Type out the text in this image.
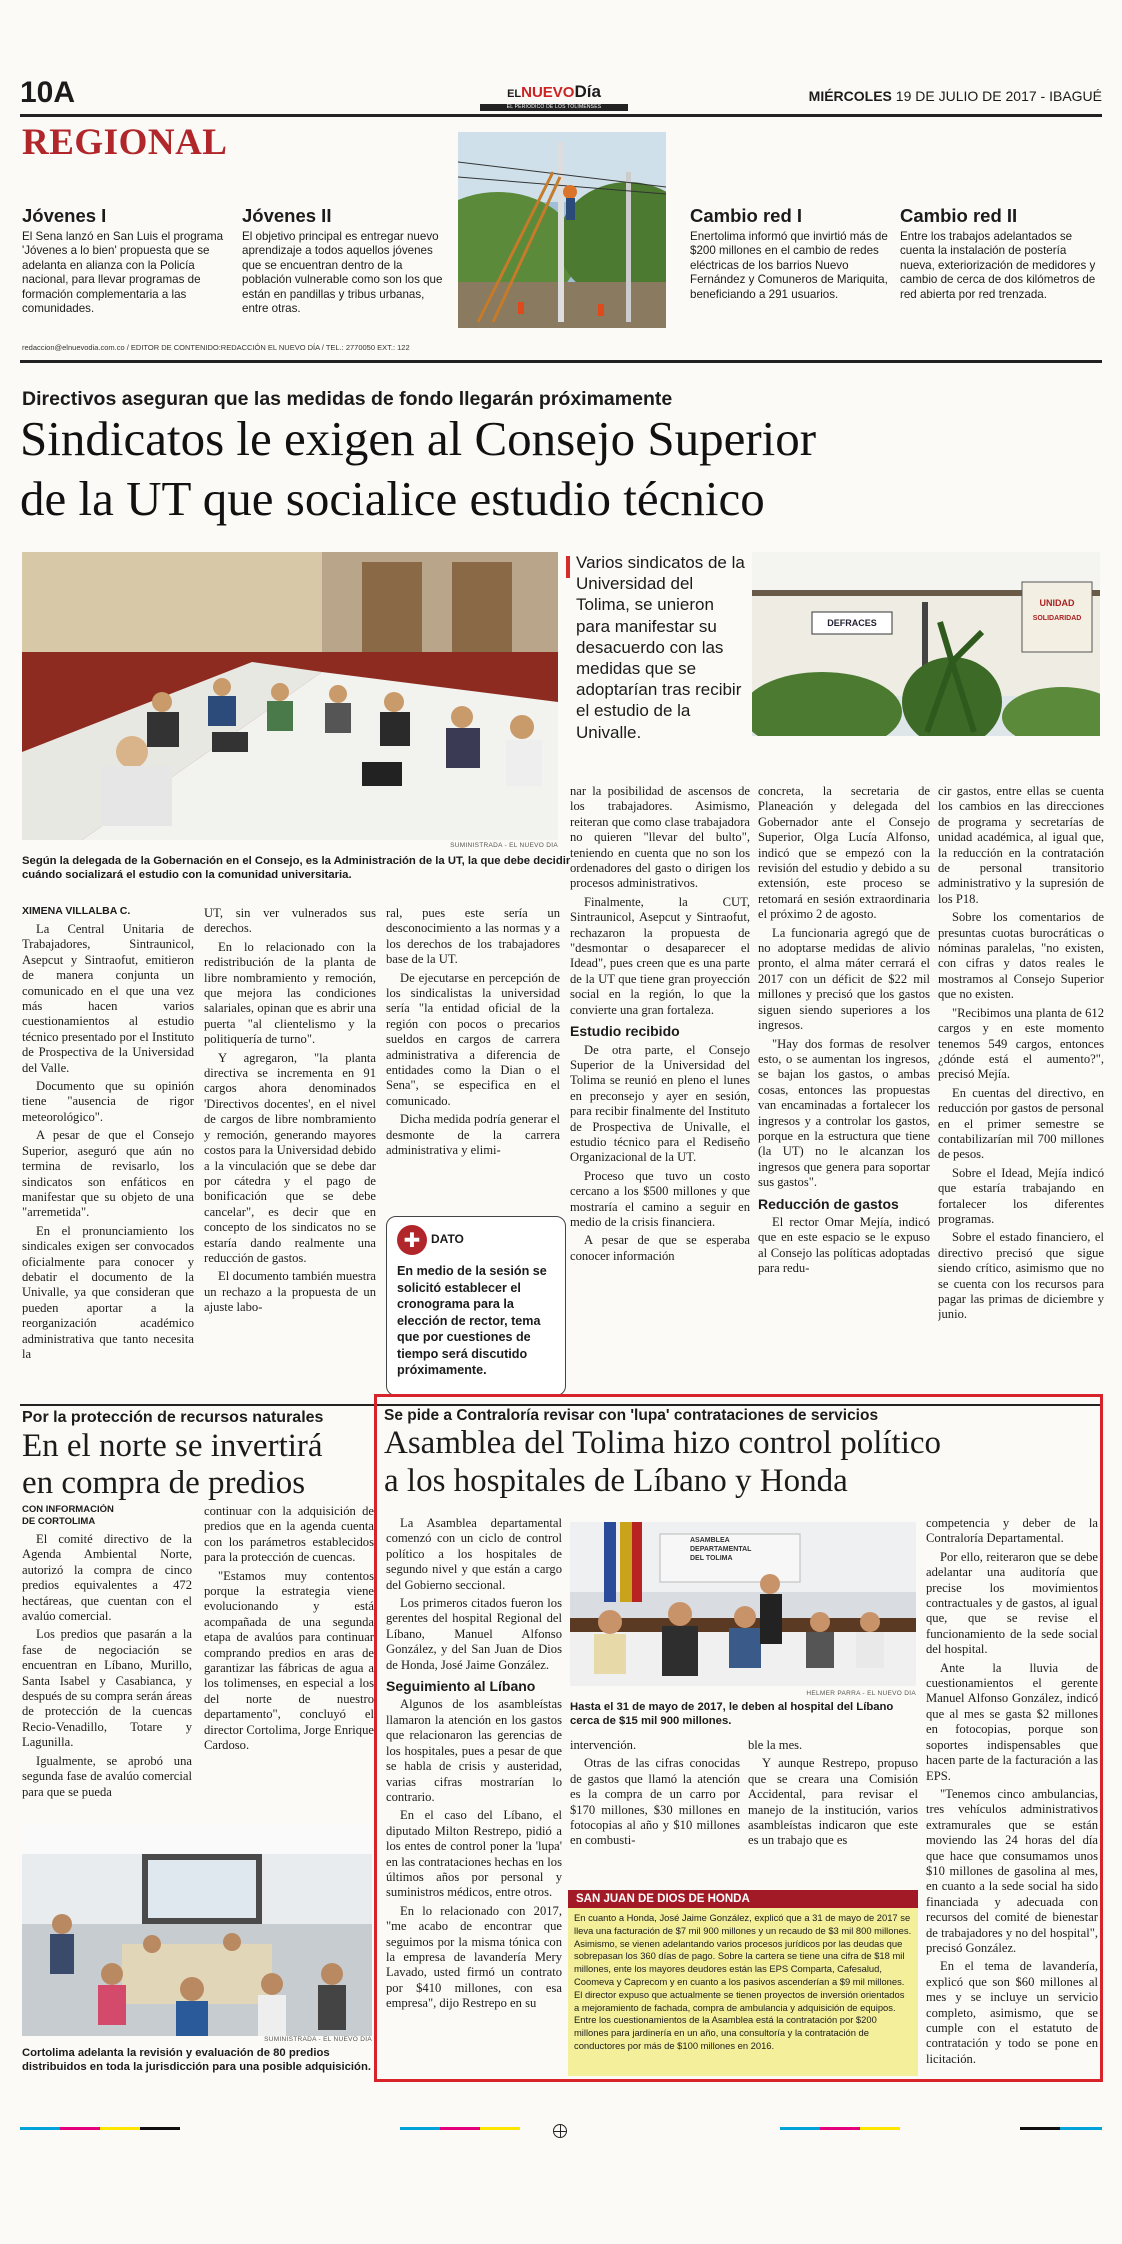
10A	ELNUEVODía
EL PERIÓDICO DE LOS TOLIMENSES
MIÉRCOLES 19 DE JULIO DE 2017 - IBAGUÉ
REGIONAL
Jóvenes I
El Sena lanzó en San Luis el programa 'Jóvenes a lo bien' propuesta que se adelanta en alianza con la Policía nacional, para llevar programas de formación complementaria a las comunidades.
Jóvenes II
El objetivo principal es entregar nuevo aprendizaje a todos aquellos jóvenes que se encuentran dentro de la población vulnerable como son los que están en pandillas y tribus urbanas, entre otras.
Cambio red I
Enertolima informó que invirtió más de $200 millones en el cambio de redes eléctricas de los barrios Nuevo Fernández y Comuneros de Mariquita, beneficiando a 291 usuarios.
Cambio red II
Entre los trabajos adelantados se cuenta la instalación de postería nueva, exteriorización de medidores y cambio de cerca de dos kilómetros de red abierta por red trenzada.
redaccion@elnuevodia.com.co / EDITOR DE CONTENIDO:REDACCIÓN EL NUEVO DÍA / TEL.: 2770050 EXT.: 122
Directivos aseguran que las medidas de fondo llegarán próximamente
Sindicatos le exigen al Consejo Superior
de la UT que socialice estudio técnico
SUMINISTRADA - EL NUEVO DÍA
Según la delegada de la Gobernación en el Consejo, es la Administración de la UT, la que debe decidir cuándo socializará el estudio con la comunidad universitaria.
Varios sindicatos de la Universidad del Tolima, se unieron para manifestar su desacuerdo con las medidas que se adoptarían tras recibir el estudio de la Univalle.
DEFRACES
UNIDAD
SOLIDARIDAD
XIMENA VILLALBA C.

La Central Unitaria de Trabajadores, Sintraunicol, Asepcut y Sintraofut, emitieron de manera conjunta un comunicado en el que una vez más hacen varios cuestionamientos al estudio técnico presentado por el Instituto de Prospectiva de la Universidad del Valle.

Documento que su opinión tiene "ausencia de rigor meteorológico".

A pesar de que el Consejo Superior, aseguró que aún no termina de revisarlo, los sindicatos son enfáticos en manifestar que su objeto de una "arremetida".

En el pronunciamiento los sindicales exigen ser convocados oficialmente para conocer y debatir el documento de la Univalle, ya que consideran que pueden aportar a la reorganización académico administrativa que tanto necesita la

UT, sin ver vulnerados sus derechos.

En lo relacionado con la redistribución de la planta de libre nombramiento y remoción, que mejora las condiciones salariales, opinan que es abrir una puerta "al clientelismo y la politiquería de turno".

Y agregaron, "la planta directiva se incrementa en 91 cargos ahora denominados 'Directivos docentes', en el nivel de cargos de libre nombramiento y remoción, generando mayores costos para la Universidad debido a la vinculación que se debe dar por cátedra y el pago de bonificación que se debe cancelar", es decir que en concepto de los sindicatos no se estaría dando realmente una reducción de gastos.

El documento también muestra un rechazo a la propuesta de un ajuste labo-

ral, pues este sería un desconocimiento a las normas y a los derechos de los trabajadores base de la UT.

De ejecutarse en percepción de los sindicalistas la universidad sería "la entidad oficial de la región con pocos o precarios sueldos en cargos de carrera administrativa a diferencia de entidades como la Dian o el Sena", se especifica en el comunicado.

Dicha medida podría generar el desmonte de la carrera administrativa y elimi-

✚ DATO
En medio de la sesión se solicitó establecer el cronograma para la elección de rector, tema que por cuestiones de tiempo será discutido próximamente.

nar la posibilidad de ascensos de los trabajadores. Asimismo, reiteran que como clase trabajadora no quieren "llevar del bulto", teniendo en cuenta que no son los ordenadores del gasto o dirigen los procesos administrativos.

Finalmente, la CUT, Sintraunicol, Asepcut y Sintraofut, rechazaron la propuesta de "desmontar o desaparecer el Idead", pues creen que es una parte de la UT que tiene gran proyección social en la región, lo que la convierte una gran fortaleza.

Estudio recibido

De otra parte, el Consejo Superior de la Universidad del Tolima se reunió en pleno el lunes en preconsejo y ayer en sesión, para recibir finalmente del Instituto de Prospectiva de Univalle, el estudio técnico para el Rediseño Organizacional de la UT.

Proceso que tuvo un costo cercano a los $500 millones y que mostraría el camino a seguir en medio de la crisis financiera.

A pesar de que se esperaba conocer información

concreta, la secretaria de Planeación y delegada del Gobernador ante el Consejo Superior, Olga Lucía Alfonso, indicó que se empezó con la revisión del estudio y debido a su extensión, este proceso se retomará en sesión extraordinaria el próximo 2 de agosto.

La funcionaria agregó que de no adoptarse medidas de alivio pronto, el alma máter cerrará el 2017 con un déficit de $22 mil millones y precisó que los gastos siguen siendo superiores a los ingresos.

"Hay dos formas de resolver esto, o se aumentan los ingresos, se bajan los gastos, o ambas cosas, entonces las propuestas van encaminadas a fortalecer los ingresos y a controlar los gastos, porque en la estructura que tiene (la UT) no le alcanzan los ingresos que genera para soportar sus gastos".

Reducción de gastos

El rector Omar Mejía, indicó que en este espacio se le expuso al Consejo las políticas adoptadas para redu-

cir gastos, entre ellas se cuenta los cambios en las direcciones de programa y secretarías de unidad académica, al igual que, la reducción en la contratación de personal transitorio administrativo y la supresión de los P18.

Sobre los comentarios de presuntas cuotas burocráticas o nóminas paralelas, "no existen, con cifras y datos reales le mostramos al Consejo Superior que no existen.

"Recibimos una planta de 612 cargos y en este momento tenemos 549 cargos, entonces ¿dónde está el aumento?", precisó Mejía.

En cuentas del directivo, en reducción por gastos de personal en el primer semestre se contabilizarían mil 700 millones de pesos.

Sobre el Idead, Mejía indicó que estaría trabajando en fortalecer los diferentes programas.

Sobre el estado financiero, el directivo precisó que sigue siendo crítico, asimismo que no se cuenta con los recursos para pagar las primas de diciembre y junio.

Por la protección de recursos naturales
En el norte se invertirá
en compra de predios
CON INFORMACIÓN
DE CORTOLIMA

El comité directivo de la Agenda Ambiental Norte, autorizó la compra de cinco predios equivalentes a 472 hectáreas, que cuentan con el avalúo comercial.

Los predios que pasarán a la fase de negociación se encuentran en Líbano, Murillo, Santa Isabel y Casabianca, y después de su compra serán áreas de protección de la cuencas Recio-Venadillo, Totare y Lagunilla.

Igualmente, se aprobó una segunda fase de avalúo comercial para que se pueda

continuar con la adquisición de predios que en la agenda cuenta con los parámetros establecidos para la protección de cuencas.

"Estamos muy contentos porque la estrategia viene evolucionando y está acompañada de una segunda etapa de avalúos para continuar comprando predios en aras de garantizar las fábricas de agua a los tolimenses, en especial a los del norte de nuestro departamento", concluyó el director Cortolima, Jorge Enrique Cardoso.

SUMINISTRADA - EL NUEVO DÍA
Cortolima adelanta la revisión y evaluación de 80 predios distribuidos en toda la jurisdicción para una posible adquisición.
Se pide a Contraloría revisar con 'lupa' contrataciones de servicios
Asamblea del Tolima hizo control político
a los hospitales de Líbano y Honda

La Asamblea departamental comenzó con un ciclo de control político a los hospitales de segundo nivel y que están a cargo del Gobierno seccional.

Los primeros citados fueron los gerentes del hospital Regional del Líbano, Manuel Alfonso González, y del San Juan de Dios de Honda, José Jaime González.

Seguimiento al Líbano

Algunos de los asambleístas llamaron la atención en los gastos que relacionaron las gerencias de los hospitales, pues a pesar de que se habla de crisis y austeridad, varias cifras mostrarían lo contrario.

En el caso del Líbano, el diputado Milton Restrepo, pidió a los entes de control poner la 'lupa' en las contrataciones hechas en los últimos años por personal y suministros médicos, entre otros.

En lo relacionado con 2017, "me acabo de encontrar que seguimos por la misma tónica con la empresa de lavandería Mery Lavado, usted firmó un contrato por $410 millones, con esa empresa", dijo Restrepo en su

ASAMBLEA
DEPARTAMENTAL
DEL TOLIMA
HÉLMER PARRA - EL NUEVO DÍA
Hasta el 31 de mayo de 2017, le deben al hospital del Líbano cerca de $15 mil 900 millones.

intervención.

Otras de las cifras conocidas de gastos que llamó la atención es la compra de un carro por $170 millones, $30 millones en fotocopias al año y $10 millones en combusti-

ble la mes.

Y aunque Restrepo, propuso que se creara una Comisión Accidental, para revisar el manejo de la institución, varios asambleístas indicaron que este es un trabajo que es

SAN JUAN DE DIOS DE HONDA
En cuanto a Honda, José Jaime González, explicó que a 31 de mayo de 2017 se lleva una facturación de $7 mil 900 millones y un recaudo de $3 mil 800 millones. Asimismo, se vienen adelantando varios procesos jurídicos por las deudas que sobrepasan los 360 días de pago. Sobre la cartera se tiene una cifra de $18 mil millones, ente los mayores deudores están las EPS Comparta, Cafesalud, Coomeva y Caprecom y en cuanto a los pasivos ascenderían a $9 mil millones. El director expuso que actualmente se tienen proyectos de inversión orientados a mejoramiento de fachada, compra de ambulancia y adquisición de equipos. Entre los cuestionamientos de la Asamblea está la contratación por $200 millones para jardinería en un año, una consultoría y la contratación de conductores por más de $100 millones en 2016.

competencia y deber de la Contraloría Departamental.

Por ello, reiteraron que se debe adelantar una auditoría que precise los movimientos contractuales y de gastos, al igual que, que se revise el funcionamiento de la sede social del hospital.

Ante la lluvia de cuestionamientos el gerente Manuel Alfonso González, indicó que al mes se gasta $2 millones en fotocopias, porque son soportes indispensables que hacen parte de la facturación a las EPS.

"Tenemos cinco ambulancias, tres vehículos administrativos extramurales que se están moviendo las 24 horas del día que hace que consumamos unos $10 millones de gasolina al mes, en cuanto a la sede social ha sido financiada y adecuada con recursos del comité de bienestar de trabajadores y no del hospital", precisó González.

En el tema de lavandería, explicó que son $60 millones al mes y se incluye un servicio completo, asimismo, que se cumple con el estatuto de contratación y todo se pone en licitación.
